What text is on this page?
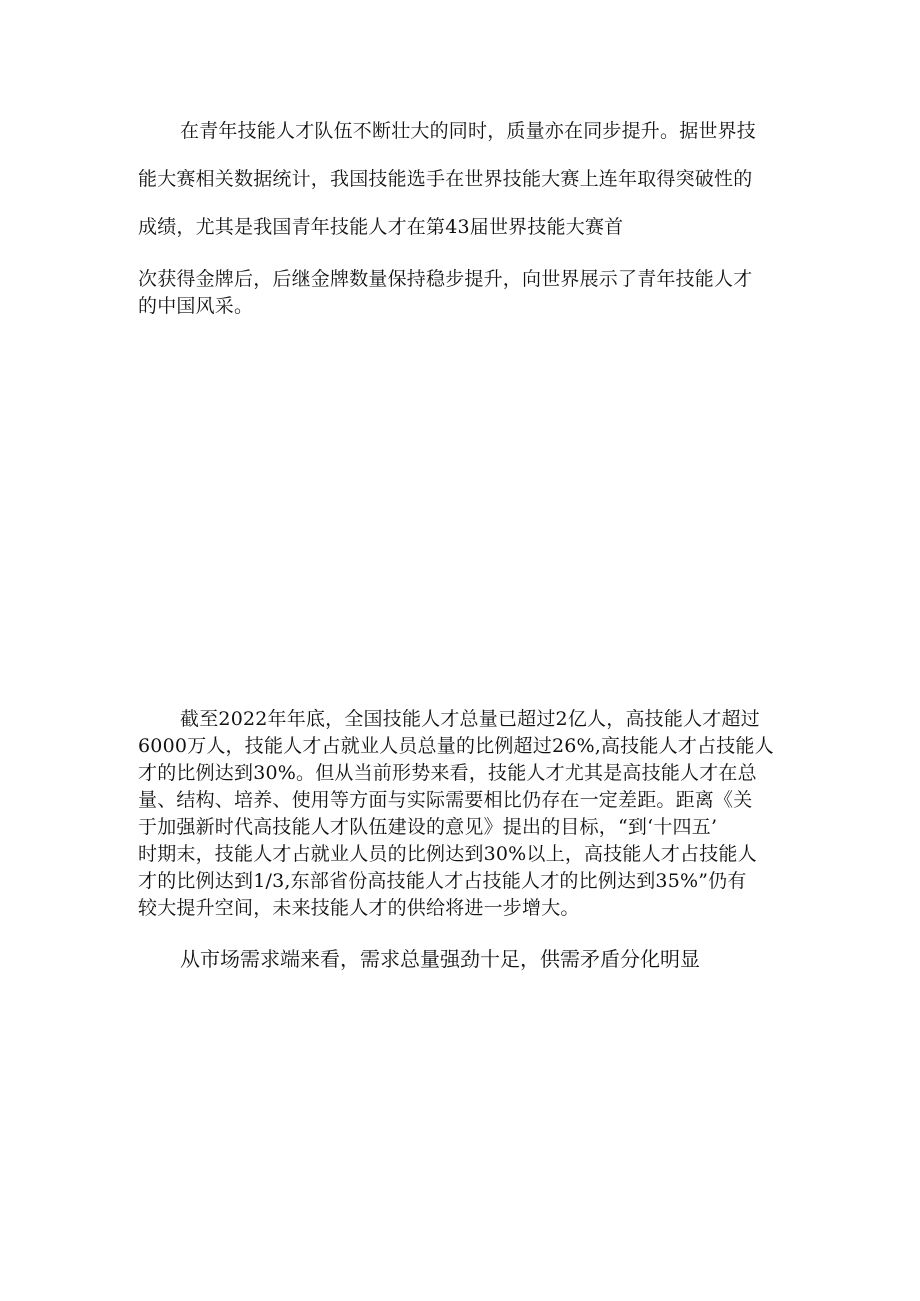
在青年技能人才队伍不断壮大的同时，质量亦在同步提升。据世界技
能大赛相关数据统计，我国技能选手在世界技能大赛上连年取得突破性的
成绩，尤其是我国青年技能人才在第43届世界技能大赛首
次获得金牌后，后继金牌数量保持稳步提升，向世界展示了青年技能人才
的中国风采。
截至2022年年底，全国技能人才总量已超过2亿人，高技能人才超过
6000万人，技能人才占就业人员总量的比例超过26%,高技能人才占技能人
才的比例达到30%。但从当前形势来看，技能人才尤其是高技能人才在总
量、结构、培养、使用等方面与实际需要相比仍存在一定差距。距离《关
于加强新时代高技能人才队伍建设的意见》提出的目标，“到‘十四五’
时期末，技能人才占就业人员的比例达到30%以上，高技能人才占技能人
才的比例达到1/3,东部省份高技能人才占技能人才的比例达到35%”仍有
较大提升空间，未来技能人才的供给将进一步增大。
从市场需求端来看，需求总量强劲十足，供需矛盾分化明显
